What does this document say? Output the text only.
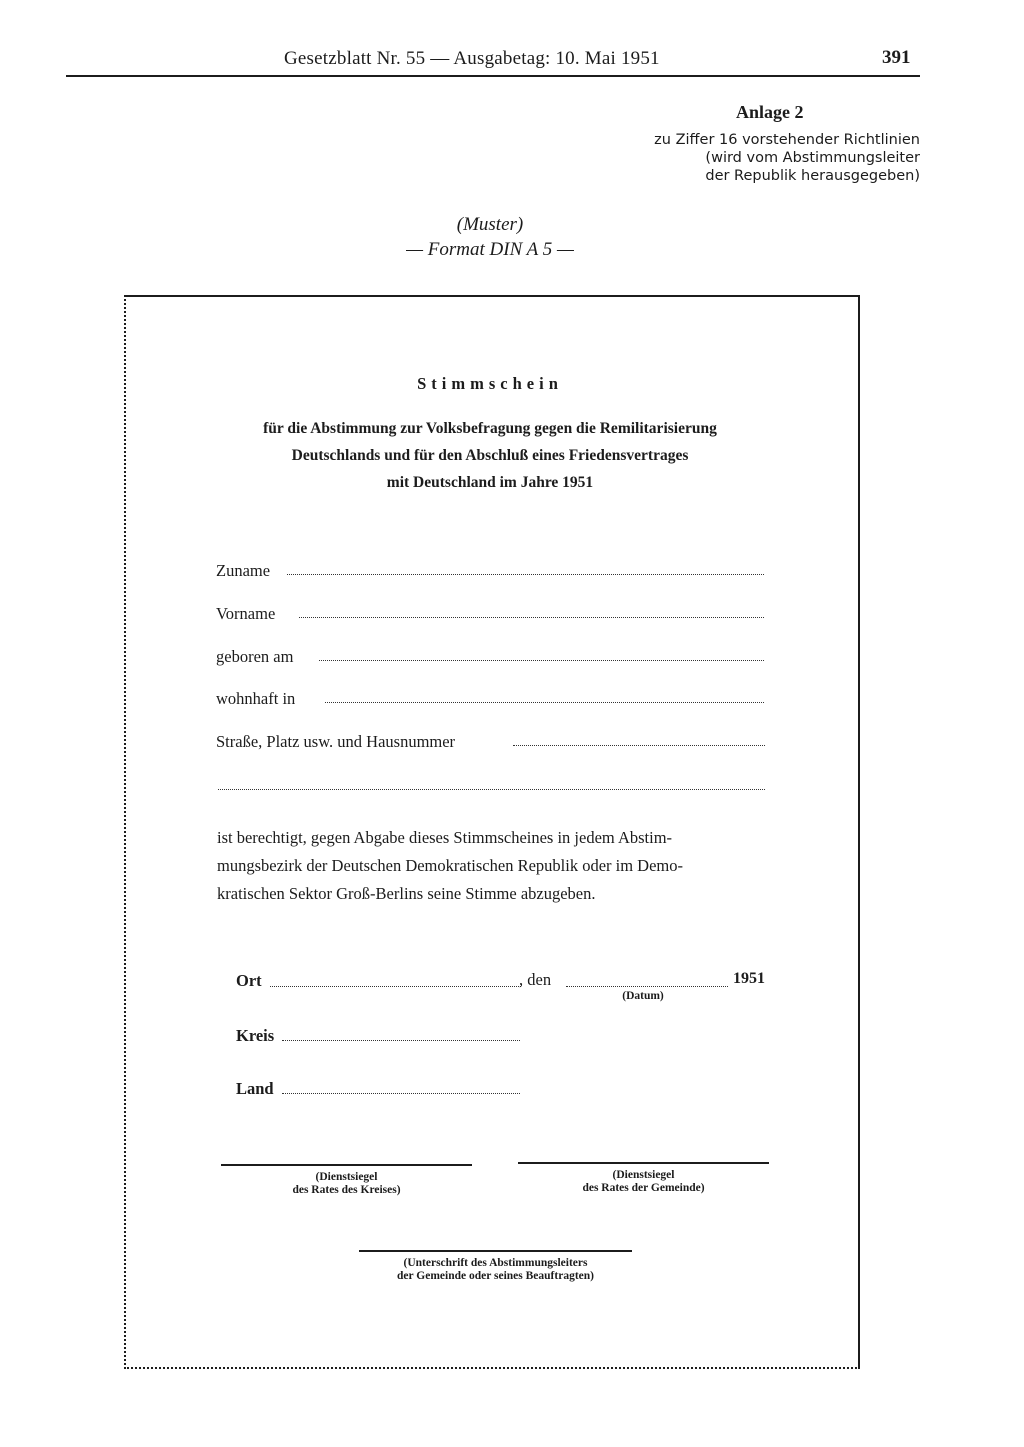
Gesetzblatt Nr. 55 — Ausgabetag: 10. Mai 1951	391
Anlage 2
zu Ziffer 16 vorstehender Richtlinien
(wird vom Abstimmungsleiter
der Republik herausgegeben)
(Muster)
— Format DIN A 5 —
Stimmschein
für die Abstimmung zur Volksbefragung gegen die Remilitarisierung
Deutschlands und für den Abschluß eines Friedensvertrages
mit Deutschland im Jahre 1951
Zuname
Vorname
geboren am
wohnhaft in
Straße, Platz usw. und Hausnummer
ist berechtigt, gegen Abgabe dieses Stimmscheines in jedem Abstim-
mungsbezirk der Deutschen Demokratischen Republik oder im Demo-
kratischen Sektor Groß-Berlins seine Stimme abzugeben.
Ort	, den	1951
(Datum)
Kreis
Land
(Dienstsiegel
des Rates des Kreises)
(Dienstsiegel
des Rates der Gemeinde)
(Unterschrift des Abstimmungsleiters
der Gemeinde oder seines Beauftragten)
